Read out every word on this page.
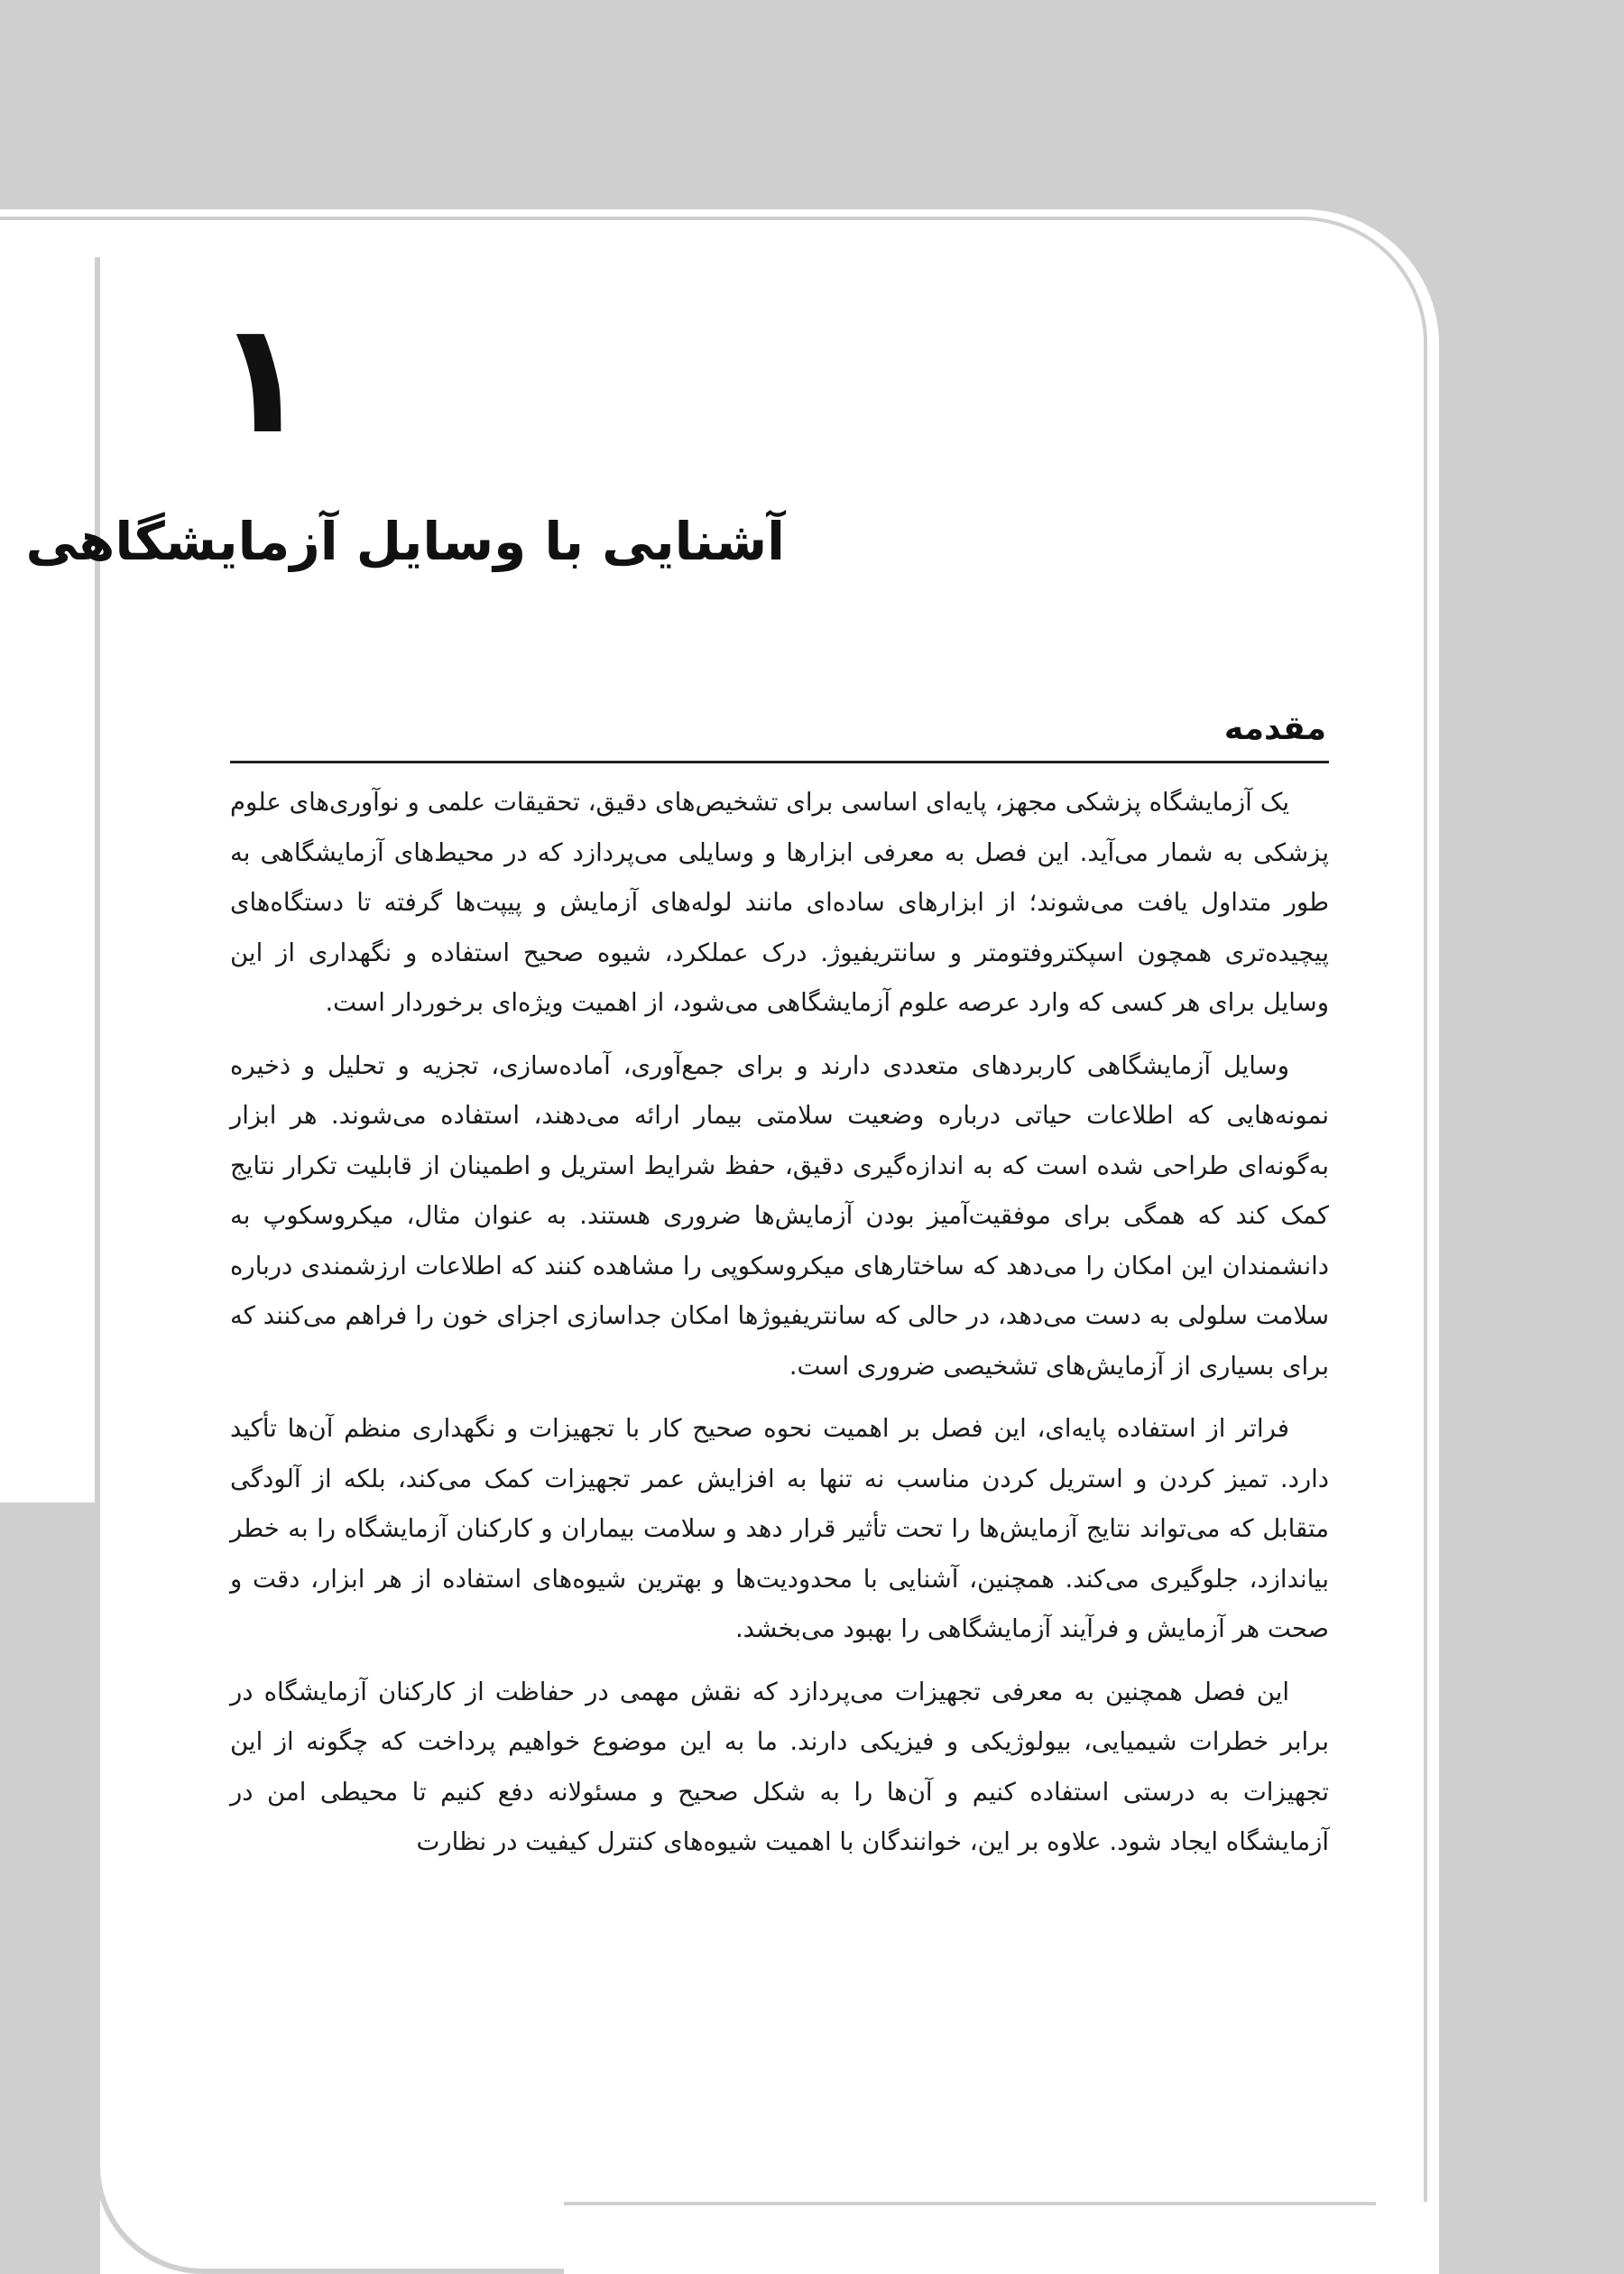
۱
آشنایی با وسایل آزمایشگاهی
مقدمه

یک آزمایشگاه پزشکی مجهز، پایه‌ای اساسی برای تشخیص‌های دقیق، تحقیقات علمی و نوآوری‌های علوم پزشکی به شمار می‌آید. این فصل به معرفی ابزارها و وسایلی می‌پردازد که در محیط‌های آزمایشگاهی به طور متداول یافت می‌شوند؛ از ابزارهای ساده‌ای مانند لوله‌های آزمایش و پیپت‌ها گرفته تا دستگاه‌های پیچیده‌تری همچون اسپکتروفتومتر و سانتریفیوژ. درک عملکرد، شیوه صحیح استفاده و نگهداری از این وسایل برای هر کسی که وارد عرصه علوم آزمایشگاهی می‌شود، از اهمیت ویژه‌ای برخوردار است.

وسایل آزمایشگاهی کاربردهای متعددی دارند و برای جمع‌آوری، آماده‌سازی، تجزیه و تحلیل و ذخیره نمونه‌هایی که اطلاعات حیاتی درباره وضعیت سلامتی بیمار ارائه می‌دهند، استفاده می‌شوند. هر ابزار به‌گونه‌ای طراحی شده است که به اندازه‌گیری دقیق، حفظ شرایط استریل و اطمینان از قابلیت تکرار نتایج کمک کند که همگی برای موفقیت‌آمیز بودن آزمایش‌ها ضروری هستند. به عنوان مثال، میکروسکوپ به دانشمندان این امکان را می‌دهد که ساختارهای میکروسکوپی را مشاهده کنند که اطلاعات ارزشمندی درباره سلامت سلولی به دست می‌دهد، در حالی که سانتریفیوژها امکان جداسازی اجزای خون را فراهم می‌کنند که برای بسیاری از آزمایش‌های تشخیصی ضروری است.

فراتر از استفاده پایه‌ای، این فصل بر اهمیت نحوه صحیح کار با تجهیزات و نگهداری منظم آن‌ها تأکید دارد. تمیز کردن و استریل کردن مناسب نه تنها به افزایش عمر تجهیزات کمک می‌کند، بلکه از آلودگی متقابل که می‌تواند نتایج آزمایش‌ها را تحت تأثیر قرار دهد و سلامت بیماران و کارکنان آزمایشگاه را به خطر بیاندازد، جلوگیری می‌کند. همچنین، آشنایی با محدودیت‌ها و بهترین شیوه‌های استفاده از هر ابزار، دقت و صحت هر آزمایش و فرآیند آزمایشگاهی را بهبود می‌بخشد.

این فصل همچنین به معرفی تجهیزات می‌پردازد که نقش مهمی در حفاظت از کارکنان آزمایشگاه در برابر خطرات شیمیایی، بیولوژیکی و فیزیکی دارند. ما به این موضوع خواهیم پرداخت که چگونه از این تجهیزات به درستی استفاده کنیم و آن‌ها را به شکل صحیح و مسئولانه دفع کنیم تا محیطی امن در آزمایشگاه ایجاد شود. علاوه بر این، خوانندگان با اهمیت شیوه‌های کنترل کیفیت در نظارت
